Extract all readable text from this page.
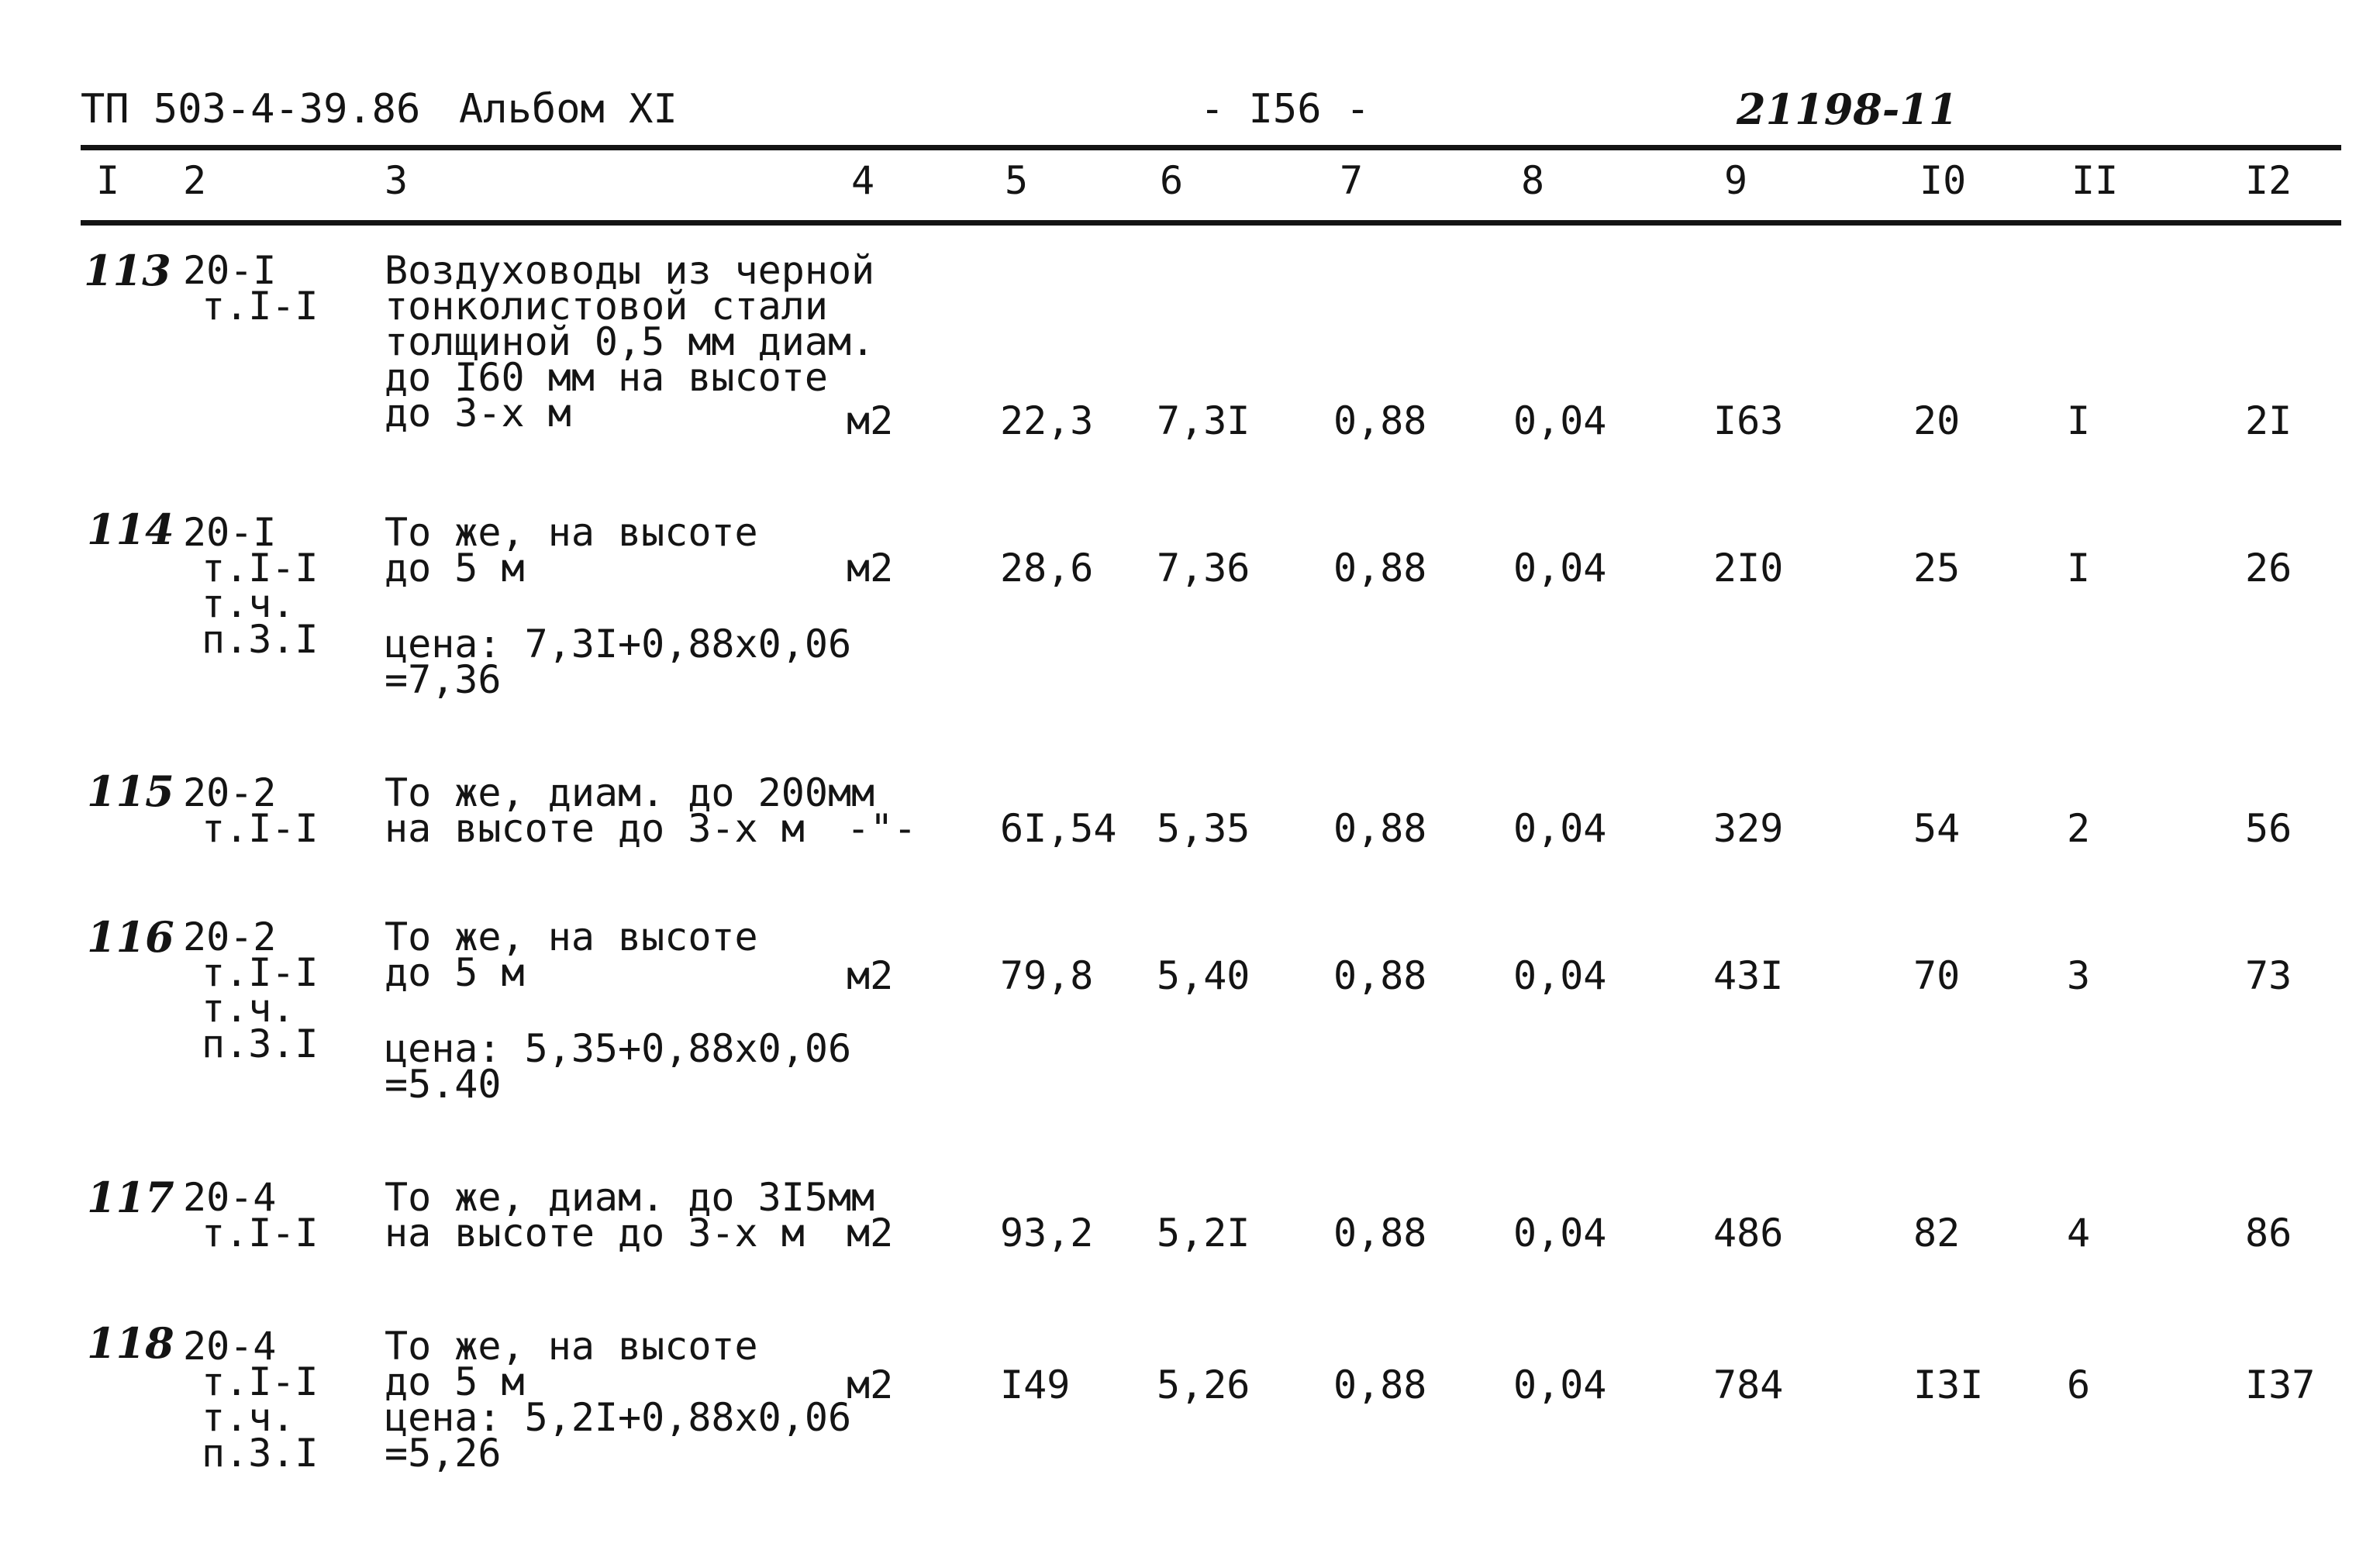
ТП 503-4-39.86 Альбом XI	- I56 -	21198-11
I 2	3	4	5	6	7	8	9	I0	II	I2
113 20-I
т.I-I
Воздуховоды из черной
тонколистовой стали
толщиной 0,5 мм диам.
до I60 мм на высоте
до 3-х м	м2	22,3 7,3I 0,88 0,04	I63	20	I	2I
114 20-I
т.I-I
т.ч.
п.3.I
То же, на высоте
до 5 м
цена: 7,3I+0,88х0,06
=7,36
м2	28,6 7,36 0,88 0,04	2I0	25	I	26
115 20-2
т.I-I
То же, диам. до 200мм
на высоте до 3-х м -"- 6I,54 5,35 0,88 0,04	329	54	2	56
116 20-2
т.I-I
т.ч.
п.3.I
То же, на высоте
до 5 м
цена: 5,35+0,88х0,06
=5.40
м2	79,8 5,40 0,88 0,04	43I	70	3	73
117 20-4
т.I-I
То же, диам. до 3I5мм
на высоте до 3-х м м2	93,2 5,2I 0,88 0,04	486	82	4	86
118 20-4
т.I-I
т.ч.
п.3.I
То же, на высоте
до 5 м
цена: 5,2I+0,88х0,06
=5,26
м2	I49 5,26 0,88 0,04	784	I3I 6	I37
